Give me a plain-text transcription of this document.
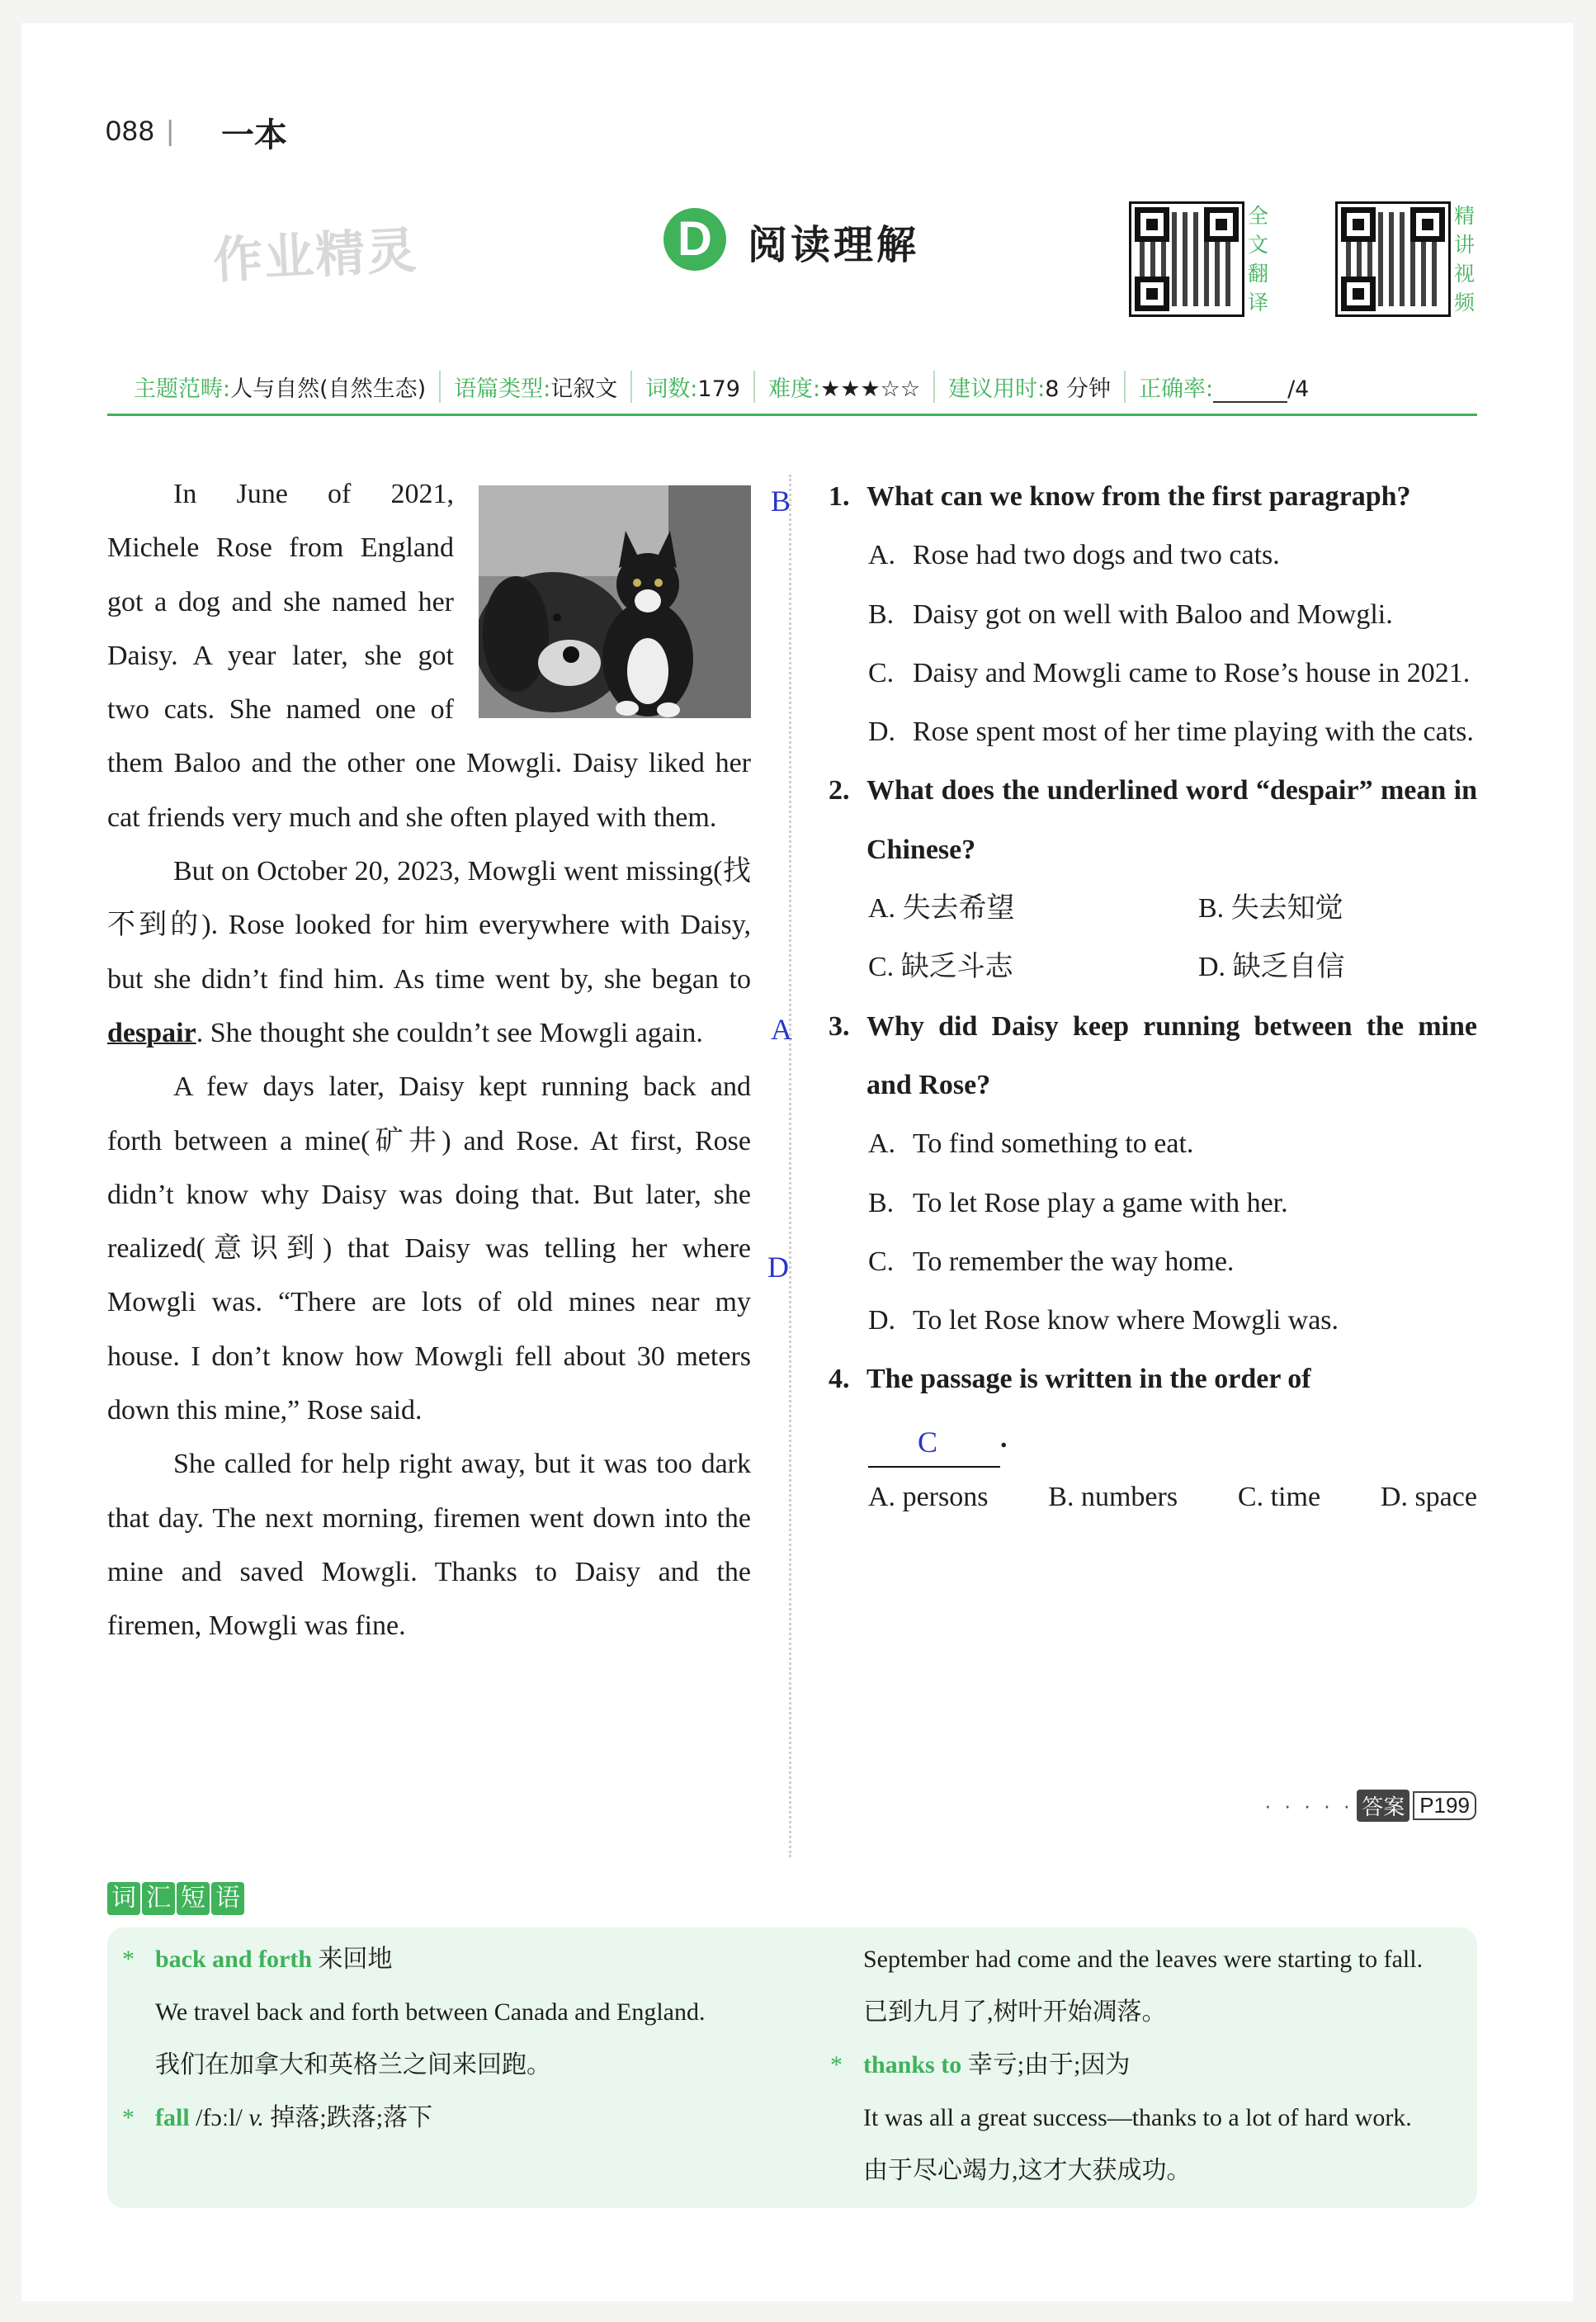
088 | 一本
作业精灵	D 阅读理解
全文翻译
精讲视频
主题范畴:人与自然(自然生态)	语篇类型:记叙文	词数:179	难度:★★★☆☆	建议用时:8 分钟	正确率:	/4

In June of 2021, Michele Rose from England got a dog and she named her Daisy. A year later, she got two cats. She named one of them Baloo and the other one Mowgli. Daisy liked her cat friends very much and she often played with them.

But on October 20, 2023, Mowgli went missing(找不到的). Rose looked for him everywhere with Daisy, but she didn’t find him. As time went by, she began to despair. She thought she couldn’t see Mowgli again.

A few days later, Daisy kept running back and forth between a mine(矿井) and Rose. At first, Rose didn’t know why Daisy was doing that. But later, she realized(意识到) that Daisy was telling her where Mowgli was. “There are lots of old mines near my house. I don’t know how Mowgli fell about 30 meters down this mine,” Rose said.

She called for help right away, but it was too dark that day. The next morning, firemen went down into the mine and saved Mowgli. Thanks to Daisy and the firemen, Mowgli was fine.

B
A
D
1. What can we know from the first paragraph?
A. Rose had two dogs and two cats.
B. Daisy got on well with Baloo and Mowgli.
C. Daisy and Mowgli came to Rose’s house in 2021.
D. Rose spent most of her time playing with the cats.
2. What does the underlined word “despair” mean in Chinese?
A. 失去希望	B. 失去知觉
C. 缺乏斗志	D. 缺乏自信
3. Why did Daisy keep running between the mine and Rose?
A. To find something to eat.
B. To let Rose play a game with her.
C. To remember the way home.
D. To let Rose know where Mowgli was.
4. The passage is written in the order of
C .
A. persons B. numbers C. time D. space
· · · · · 答案 P199
词 汇 短 语
* back and forth 来回地
We travel back and forth between Canada and England.
我们在加拿大和英格兰之间来回跑。
* fall /fɔːl/ v. 掉落;跌落;落下
September had come and the leaves were starting to fall.
已到九月了,树叶开始凋落。
* thanks to 幸亏;由于;因为
It was all a great success—thanks to a lot of hard work.
由于尽心竭力,这才大获成功。
